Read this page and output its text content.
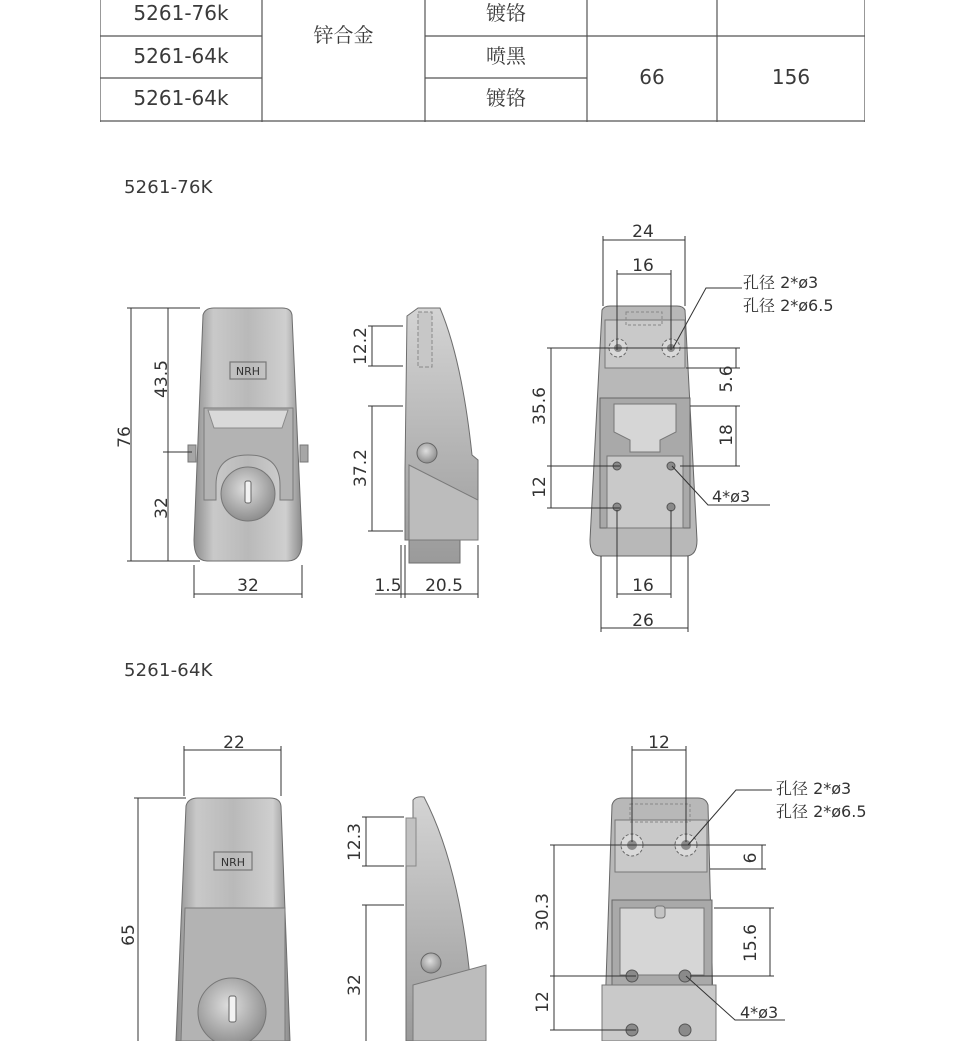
5261-76k
5261-64k
5261-64k
锌合金
镀铬
喷黑
镀铬
66	156
5261-76K
NRH
76
43.5
32
32
12.2
37.2
1.5 20.5
24
16
35.6
12
5.6
18
16
26
孔径 2*ø3
孔径 2*ø6.5
4*ø3
5261-64K
NRH
22
65
12.3
32
12
30.3
12
6
15.6
孔径 2*ø3
孔径 2*ø6.5
4*ø3
